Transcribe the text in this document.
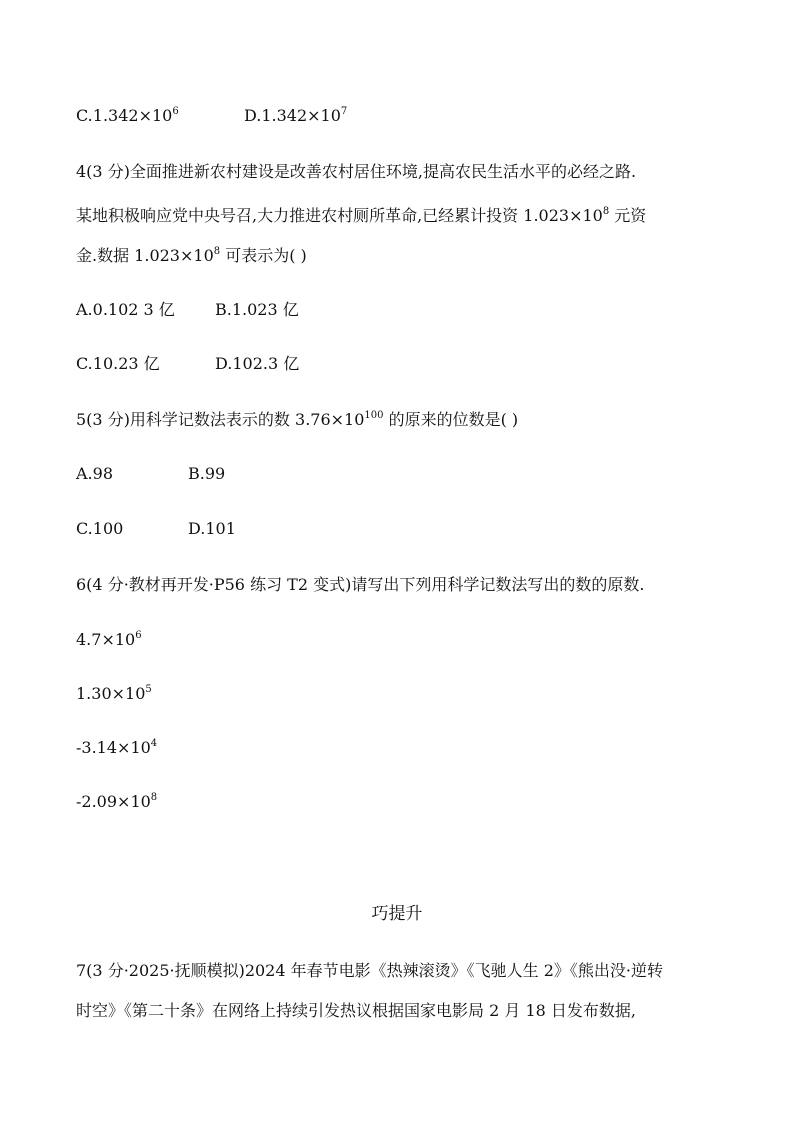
$C.1.342\times 10^6$	$D.1.342\times 10^7$
4(3 分)全面推进新农村建设是改善农村居住环境,提高农民生活水平的必经之路.
某地积极响应党中央号召,大力推进农村厕所革命,已经累计投资 $1.023\times 10^8$ 元资
金.数据 $1.023\times 10^8$ 可表示为( )
A.0.102 3 亿	B.1.023 亿
C.10.23 亿	D.102.3 亿
5(3 分)用科学记数法表示的数 $3.76\times 10^{100}$ 的原来的位数是( )
A.98	B.99
C.100	D.101
6(4 分·教材再开发·P56 练习 T2 变式)请写出下列用科学记数法写出的数的原数.
$4.7\times 10^6$
$1.30\times 10^5$
$-3.14\times 10^4$
$-2.09\times 10^8$
巧提升
7(3 分·2025·抚顺模拟)2024 年春节电影《热辣滚烫》《飞驰人生 2》《熊出没·逆转
时空》《第二十条》在网络上持续引发热议根据国家电影局 2 月 18 日发布数据,
